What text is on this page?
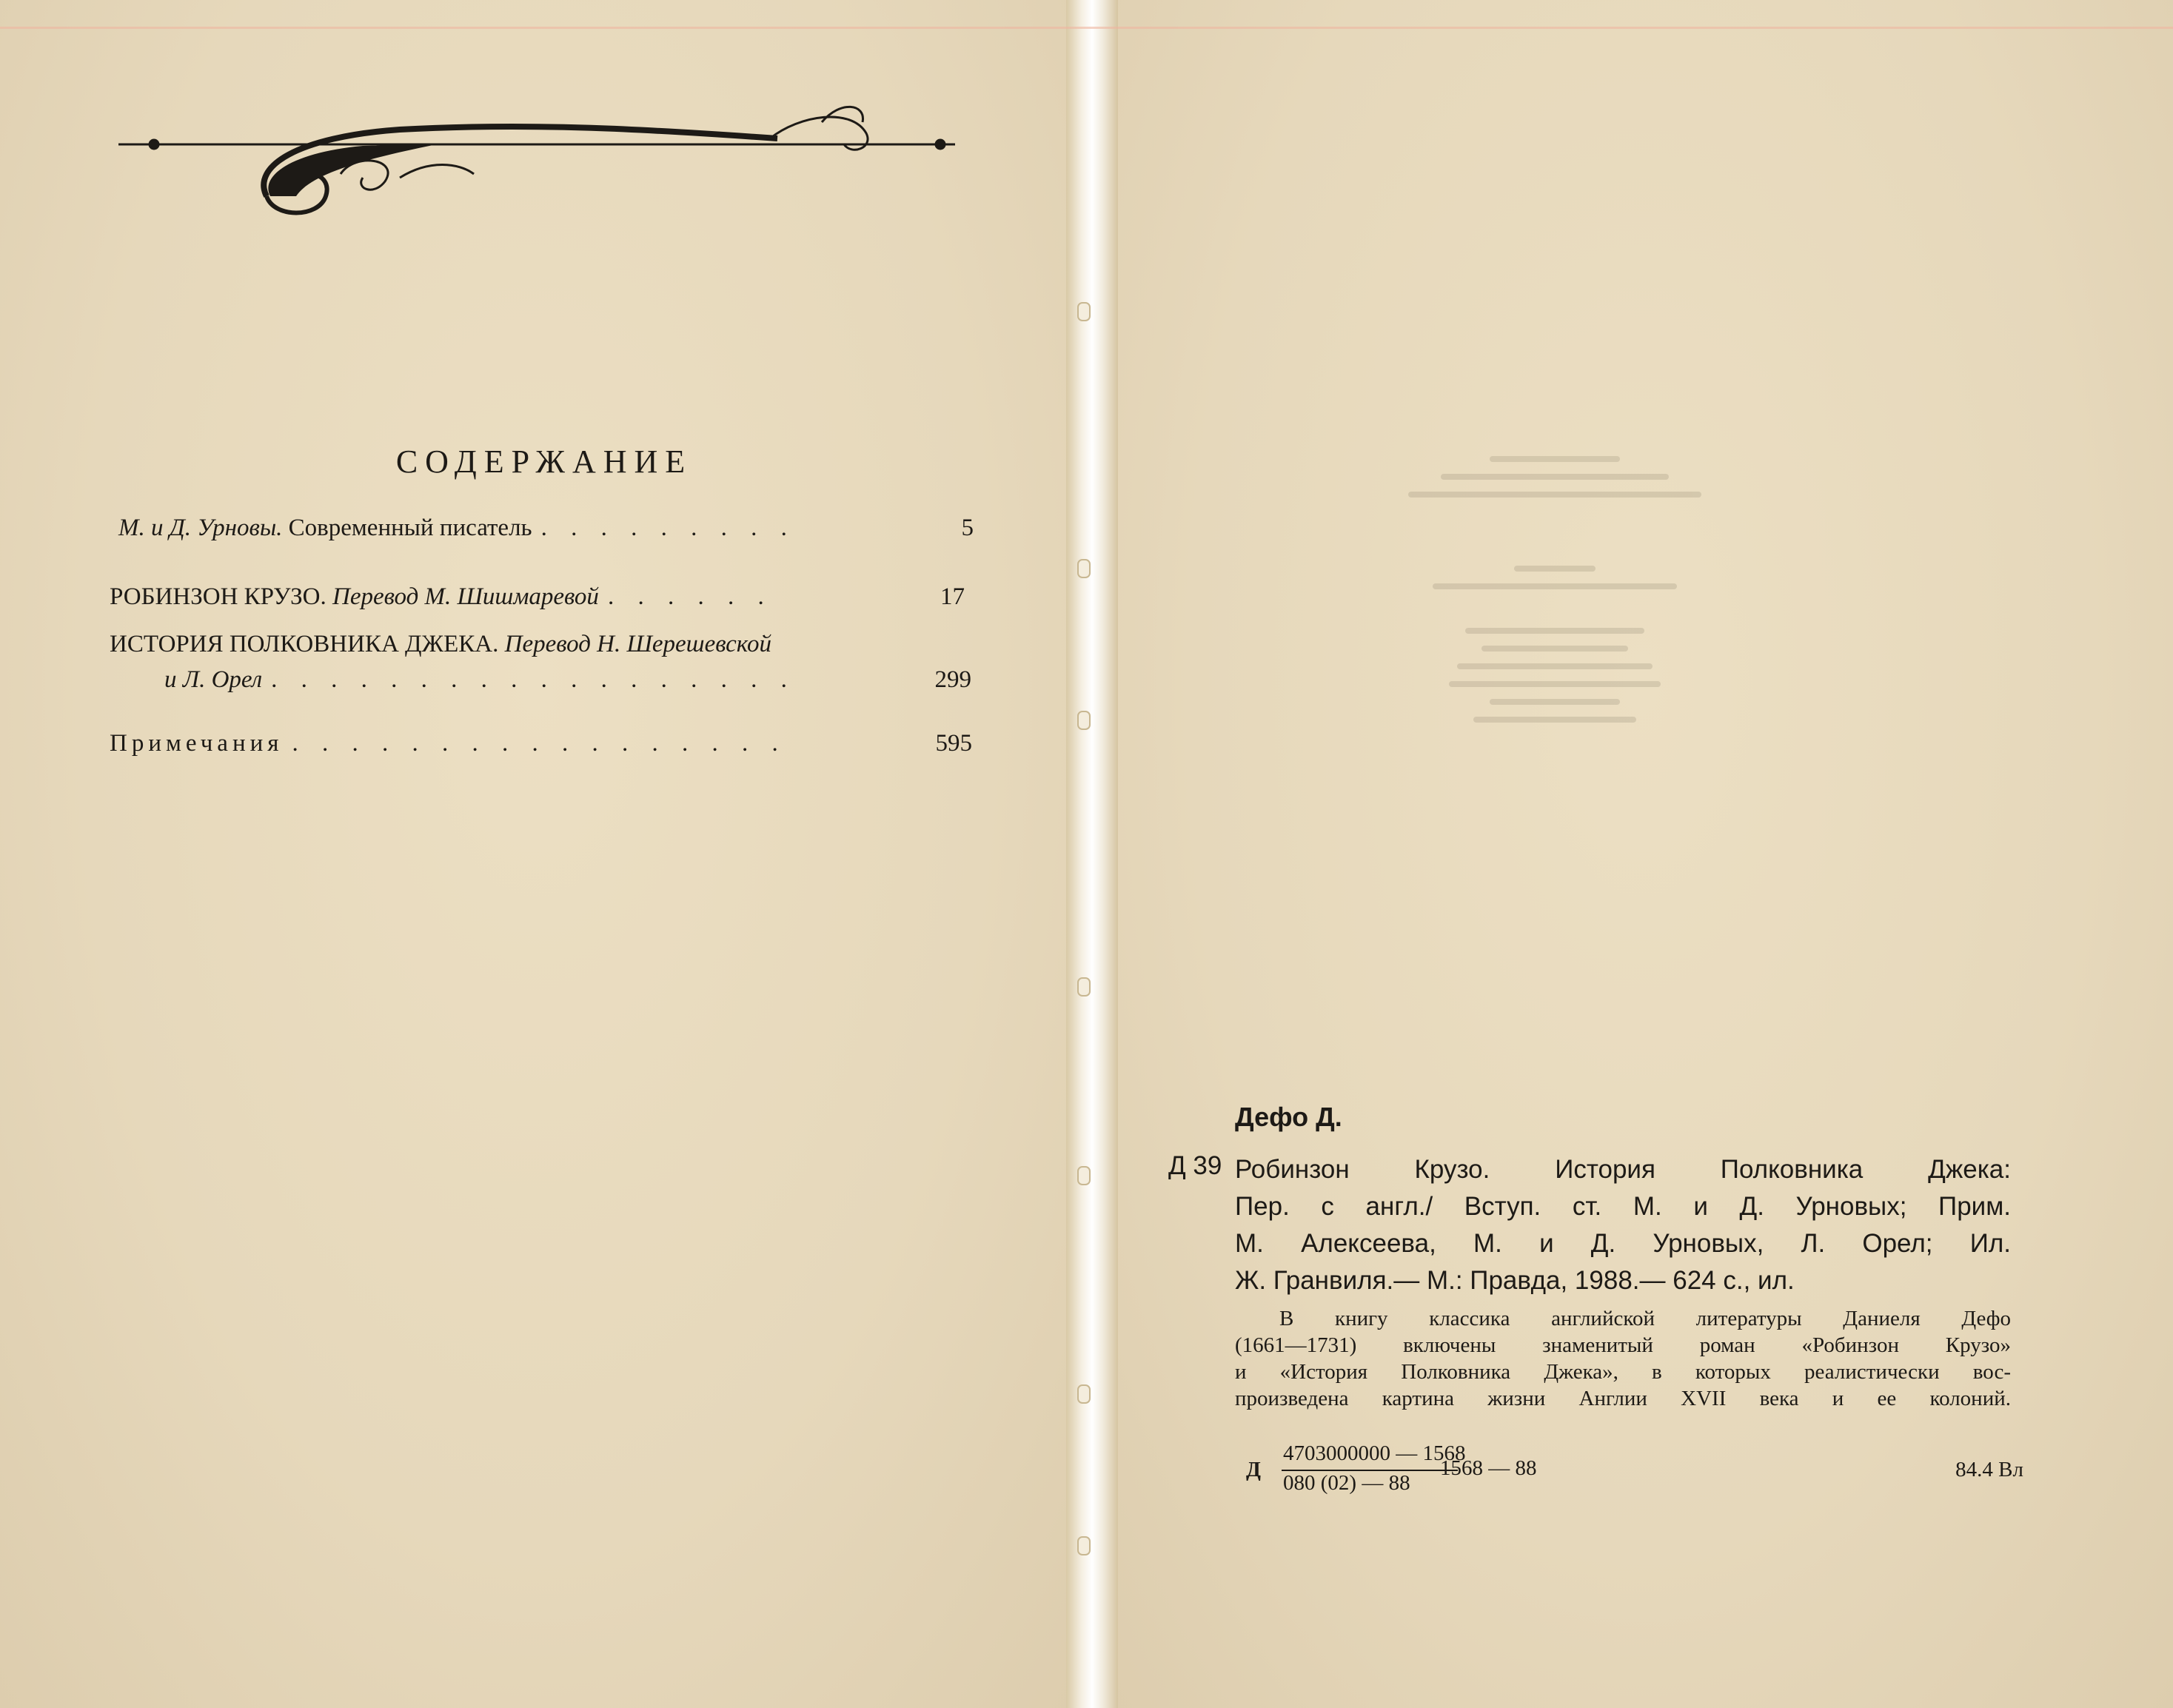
СОДЕРЖАНИЕ
М. и Д. Урновы.
Современный писатель . . . . . . . . .	5
РОБИНЗОН КРУЗО.
Перевод М. Шишмаревой . . . . . .	17
ИСТОРИЯ ПОЛКОВНИКА ДЖЕКА.
Перевод Н. Шерешевской
и Л. Орел . . . . . . . . . . . . . . . . . .	299
Примечания . . . . . . . . . . . . . . . . .	595
Дефо Д.
Д 39 Робинзон Крузо. История Полковника Джека:
Пер. с англ./ Вступ. ст. М. и Д. Урновых; Прим.
М. Алексеева, М. и Д. Урновых, Л. Орел; Ил.
Ж. Гранвиля.— М.: Правда, 1988.— 624 с., ил.
В книгу классика английской литературы Даниеля Дефо
(1661—1731) включены знаменитый роман «Робинзон Крузо»
и «История Полковника Джека», в которых реалистически вос-
произведена картина жизни Англии XVII века и ее колоний.
Д
4703000000 — 1568
080 (02) — 88
1568 — 88	84.4 Вл
